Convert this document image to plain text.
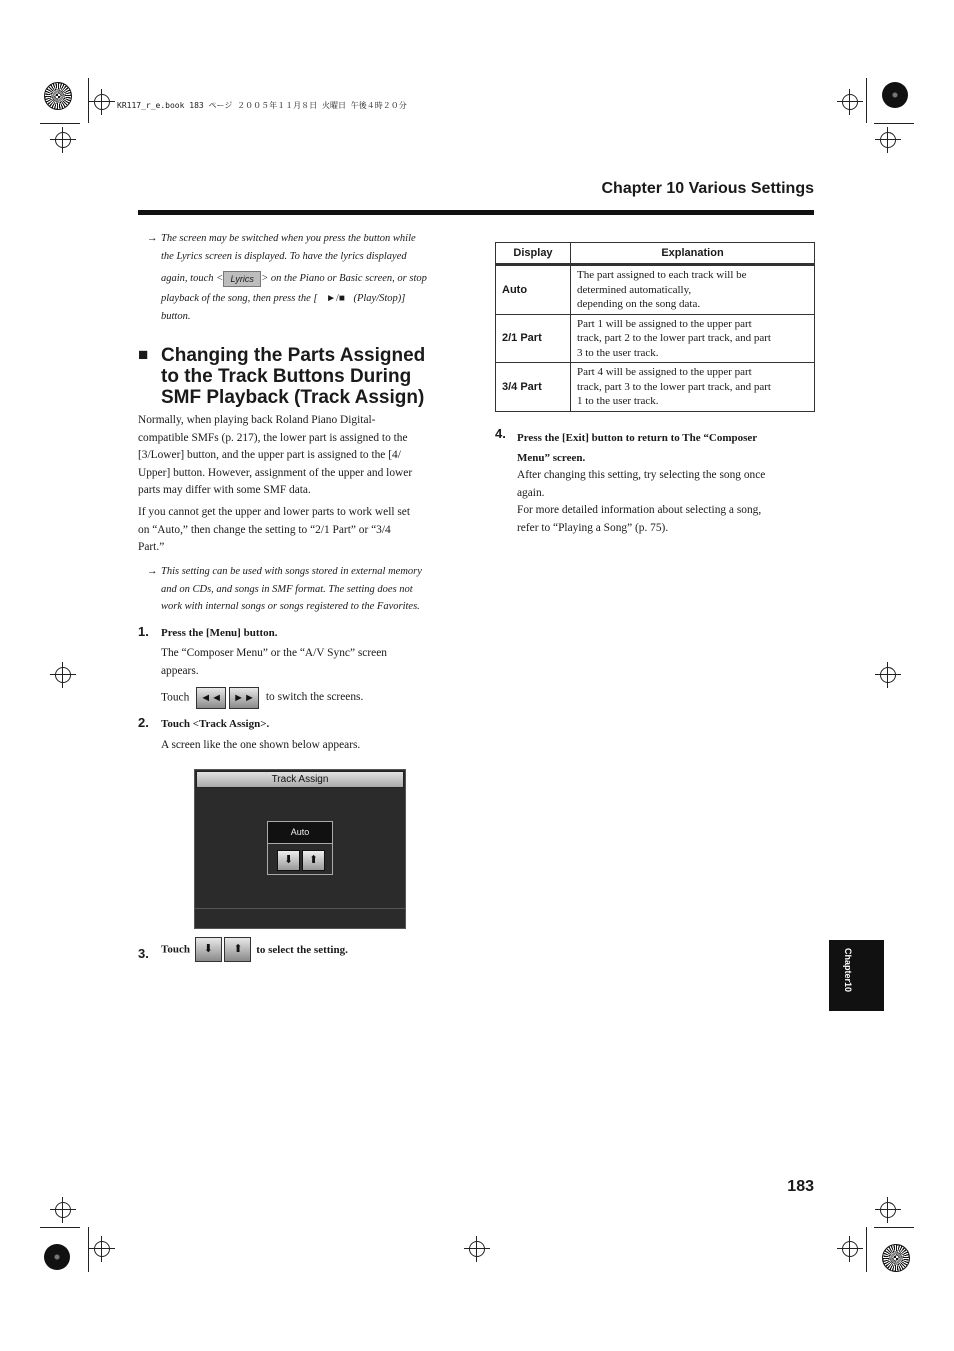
KR117_r_e.book 183 ページ ２００５年１１月８日 火曜日 午後４時２０分
Chapter 10 Various Settings
→ The screen may be switched when you press the button while
the Lyrics screen is displayed. To have the lyrics displayed
again, touch < Lyrics > on the Piano or Basic screen, or stop
playback of the song, then press the [ ►/■ (Play/Stop)]
button.
■ Changing the Parts Assigned
to the Track Buttons During
SMF Playback (Track Assign)
Normally, when playing back Roland Piano Digital-
compatible SMFs (p. 217), the lower part is assigned to the
[3/Lower] button, and the upper part is assigned to the [4/
Upper] button. However, assignment of the upper and lower
parts may differ with some SMF data.
If you cannot get the upper and lower parts to work well set
on “Auto,” then change the setting to “2/1 Part” or “3/4
Part.”
→ This setting can be used with songs stored in external memory
and on CDs, and songs in SMF format. The setting does not
work with internal songs or songs registered to the Favorites.
1. Press the [Menu] button.
The “Composer Menu” or the “A/V Sync” screen
appears.
Touch ◄◄ ►► to switch the screens.
2. Touch <Track Assign>.
A screen like the one shown below appears.
Track Assign
Auto
⬇	⬆
3. Touch ⬇ ⬆ to select the setting.
Display	Explanation

Auto	The part assigned to each track will be
determined automatically,
depending on the song data.

2/1 Part	Part 1 will be assigned to the upper part
track, part 2 to the lower part track, and part
3 to the user track.

3/4 Part	Part 4 will be assigned to the upper part
track, part 3 to the lower part track, and part
1 to the user track.
4. Press the [Exit] button to return to The “Composer
Menu” screen.
After changing this setting, try selecting the song once
again.
For more detailed information about selecting a song,
refer to “Playing a Song” (p. 75).
Chapter10
183
